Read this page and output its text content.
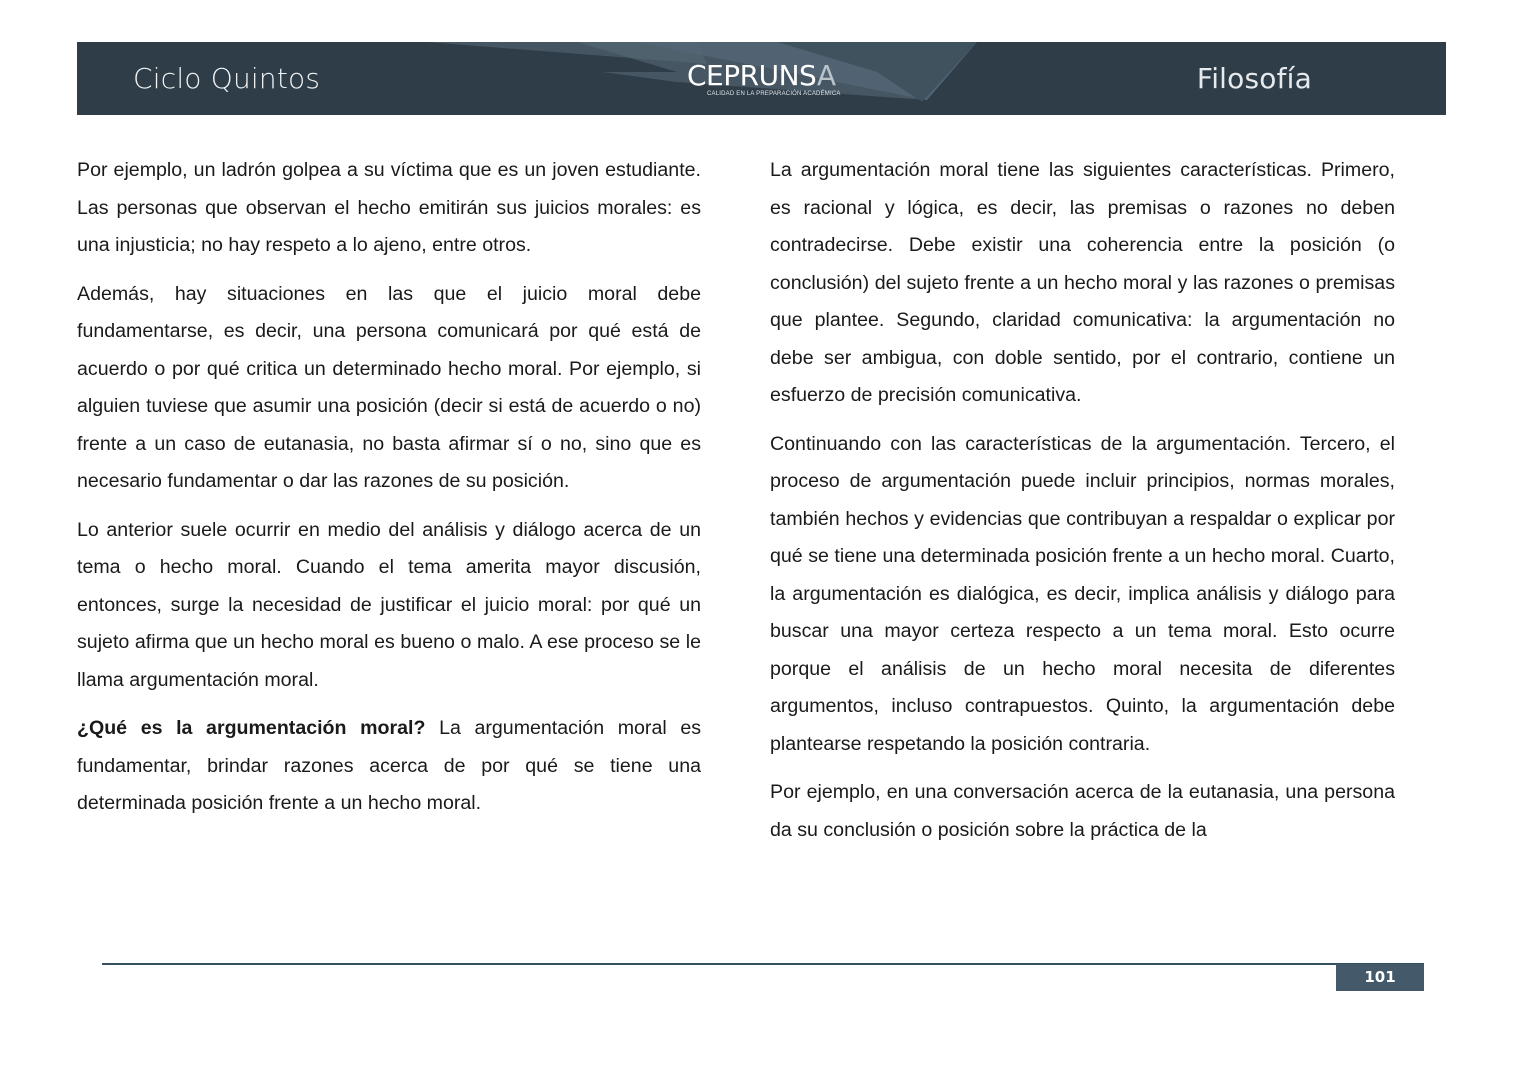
Ciclo Quintos	CEPRUNSA
CALIDAD EN LA PREPARACIÓN ACADÉMICA	Filosofía

Por ejemplo, un ladrón golpea a su víctima que es un joven estudiante. Las personas que observan el hecho emitirán sus juicios morales: es una injusticia; no hay respeto a lo ajeno, entre otros.

Además, hay situaciones en las que el juicio moral debe fundamentarse, es decir, una persona comunicará por qué está de acuerdo o por qué critica un determinado hecho moral. Por ejemplo, si alguien tuviese que asumir una posición (decir si está de acuerdo o no) frente a un caso de eutanasia, no basta afirmar sí o no, sino que es necesario fundamentar o dar las razones de su posición.

Lo anterior suele ocurrir en medio del análisis y diálogo acerca de un tema o hecho moral. Cuando el tema amerita mayor discusión, entonces, surge la necesidad de justificar el juicio moral: por qué un sujeto afirma que un hecho moral es bueno o malo. A ese proceso se le llama argumentación moral.

¿Qué es la argumentación moral? La argumentación moral es fundamentar, brindar razones acerca de por qué se tiene una determinada posición frente a un hecho moral.

La argumentación moral tiene las siguientes características. Primero, es racional y lógica, es decir, las premisas o razones no deben contradecirse. Debe existir una coherencia entre la posición (o conclusión) del sujeto frente a un hecho moral y las razones o premisas que plantee. Segundo, claridad comunicativa: la argumentación no debe ser ambigua, con doble sentido, por el contrario, contiene un esfuerzo de precisión comunicativa.

Continuando con las características de la argumentación. Tercero, el proceso de argumentación puede incluir principios, normas morales, también hechos y evidencias que contribuyan a respaldar o explicar por qué se tiene una determinada posición frente a un hecho moral. Cuarto, la argumentación es dialógica, es decir, implica análisis y diálogo para buscar una mayor certeza respecto a un tema moral. Esto ocurre porque el análisis de un hecho moral necesita de diferentes argumentos, incluso contrapuestos. Quinto, la argumentación debe plantearse respetando la posición contraria.

Por ejemplo, en una conversación acerca de la eutanasia, una persona da su conclusión o posición sobre la práctica de la

101
